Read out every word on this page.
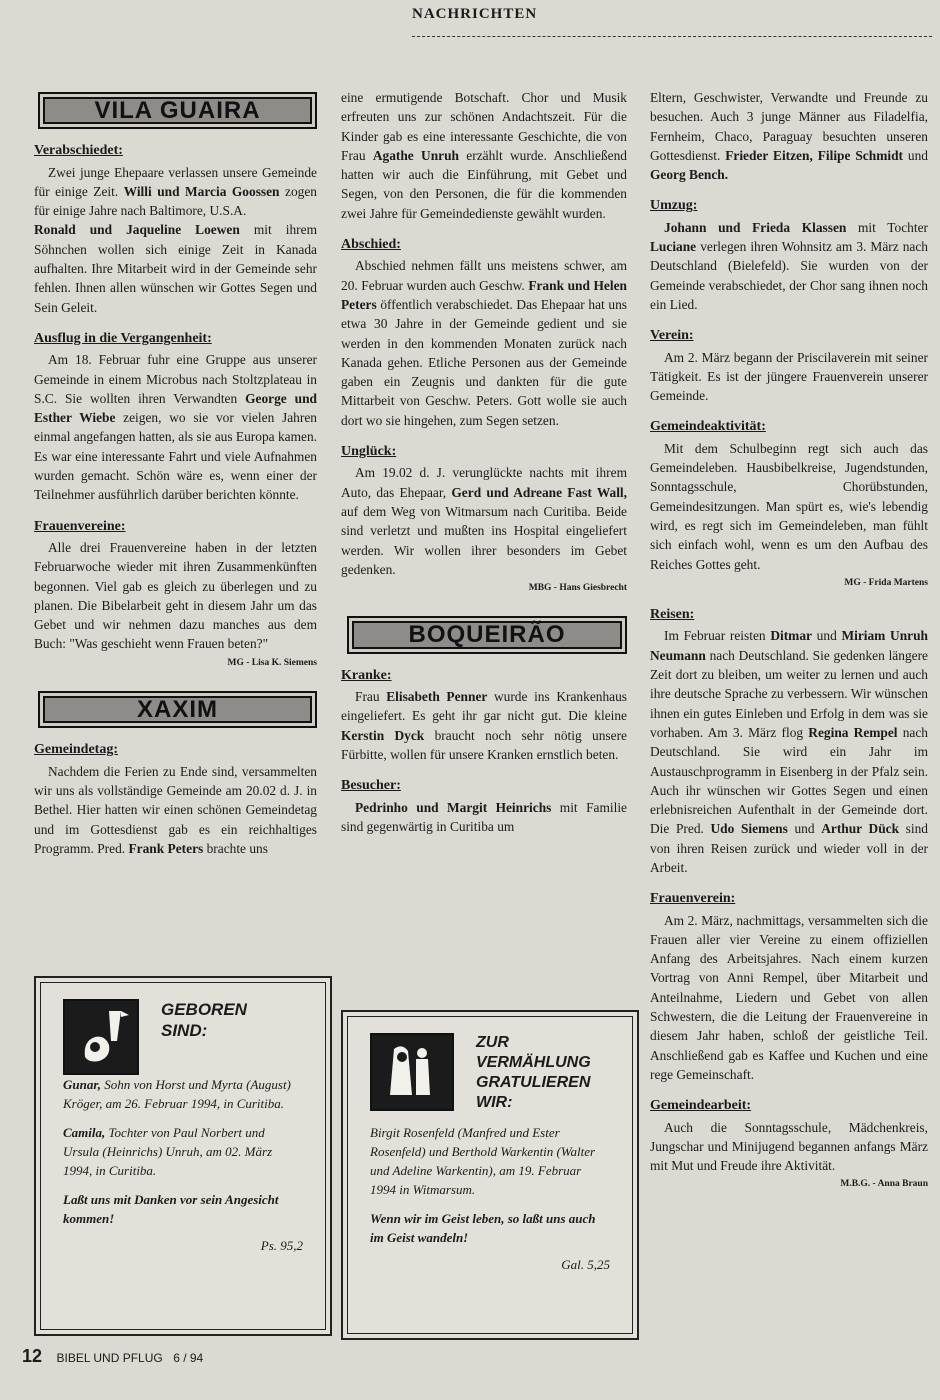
NACHRICHTEN
VILA GUAIRA
Verabschiedet:

Zwei junge Ehepaare verlassen unsere Gemeinde für einige Zeit. Willi und Marcia Goossen zogen für einige Jahre nach Baltimore, U.S.A.

Ronald und Jaqueline Loewen mit ihrem Söhnchen wollen sich einige Zeit in Kanada aufhalten. Ihre Mitarbeit wird in der Gemeinde sehr fehlen. Ihnen allen wünschen wir Gottes Segen und Sein Geleit.

Ausflug in die Vergangenheit:

Am 18. Februar fuhr eine Gruppe aus unserer Gemeinde in einem Microbus nach Stoltzplateau in S.C. Sie wollten ihren Verwandten George und Esther Wiebe zeigen, wo sie vor vielen Jahren einmal angefangen hatten, als sie aus Europa kamen. Es war eine interessante Fahrt und viele Aufnahmen wurden gemacht. Schön wäre es, wenn einer der Teilnehmer ausführlich darüber berichten könnte.

Frauenvereine:

Alle drei Frauenvereine haben in der letzten Februarwoche wieder mit ihren Zusammenkünften begonnen. Viel gab es gleich zu überlegen und zu planen. Die Bibelarbeit geht in diesem Jahr um das Gebet und wir nehmen dazu manches aus dem Buch: "Was geschieht wenn Frauen beten?"

MG - Lisa K. Siemens

XAXIM
Gemeindetag:

Nachdem die Ferien zu Ende sind, versammelten wir uns als vollständige Gemeinde am 20.02 d. J. in Bethel. Hier hatten wir einen schönen Gemeindetag und im Gottesdienst gab es ein reichhaltiges Programm. Pred. Frank Peters brachte uns

eine ermutigende Botschaft. Chor und Musik erfreuten uns zur schönen Andachtszeit. Für die Kinder gab es eine interessante Geschichte, die von Frau Agathe Unruh erzählt wurde. Anschließend hatten wir auch die Einführung, mit Gebet und Segen, von den Personen, die für die kommenden zwei Jahre für Gemeindedienste gewählt wurden.

Abschied:

Abschied nehmen fällt uns meistens schwer, am 20. Februar wurden auch Geschw. Frank und Helen Peters öffentlich verabschiedet. Das Ehepaar hat uns etwa 30 Jahre in der Gemeinde gedient und sie werden in den kommenden Monaten zurück nach Kanada gehen. Etliche Personen aus der Gemeinde gaben ein Zeugnis und dankten für die gute Mittarbeit von Geschw. Peters. Gott wolle sie auch dort wo sie hingehen, zum Segen setzen.

Unglück:

Am 19.02 d. J. verunglückte nachts mit ihrem Auto, das Ehepaar, Gerd und Adreane Fast Wall, auf dem Weg von Witmarsum nach Curitiba. Beide sind verletzt und mußten ins Hospital eingeliefert werden. Wir wollen ihrer besonders im Gebet gedenken.

MBG - Hans Giesbrecht

BOQUEIRÃO
Kranke:

Frau Elisabeth Penner wurde ins Krankenhaus eingeliefert. Es geht ihr gar nicht gut. Die kleine Kerstin Dyck braucht noch sehr nötig unsere Fürbitte, wollen für unsere Kranken ernstlich beten.

Besucher:

Pedrinho und Margit Heinrichs mit Familie sind gegenwärtig in Curitiba um

Eltern, Geschwister, Verwandte und Freunde zu besuchen. Auch 3 junge Männer aus Filadelfia, Fernheim, Chaco, Paraguay besuchten unseren Gottesdienst. Frieder Eitzen, Filipe Schmidt und Georg Bench.

Umzug:

Johann und Frieda Klassen mit Tochter Luciane verlegen ihren Wohnsitz am 3. März nach Deutschland (Bielefeld). Sie wurden von der Gemeinde verabschiedet, der Chor sang ihnen noch ein Lied.

Verein:

Am 2. März begann der Priscilaverein mit seiner Tätigkeit. Es ist der jüngere Frauenverein unserer Gemeinde.

Gemeindeaktivität:

Mit dem Schulbeginn regt sich auch das Gemeindeleben. Hausbibelkreise, Jugendstunden, Sonntagsschule, Chorübstunden, Gemeindesitzungen. Man spürt es, wie's lebendig wird, es regt sich im Gemeindeleben, man fühlt sich einfach wohl, wenn es um den Aufbau des Reiches Gottes geht.

MG - Frida Martens

Reisen:

Im Februar reisten Ditmar und Miriam Unruh Neumann nach Deutschland. Sie gedenken längere Zeit dort zu bleiben, um weiter zu lernen und auch ihre deutsche Sprache zu verbessern. Wir wünschen ihnen ein gutes Einleben und Erfolg in dem was sie vorhaben. Am 3. März flog Regina Rempel nach Deutschland. Sie wird ein Jahr im Austauschprogramm in Eisenberg in der Pfalz sein. Auch ihr wünschen wir Gottes Segen und einen erlebnisreichen Aufenthalt in der Gemeinde dort. Die Pred. Udo Siemens und Arthur Dück sind von ihren Reisen zurück und wieder voll in der Arbeit.

Frauenverein:

Am 2. März, nachmittags, versammelten sich die Frauen aller vier Vereine zu einem offiziellen Anfang des Arbeitsjahres. Nach einem kurzen Vortrag von Anni Rempel, über Mitarbeit und Anteilnahme, Liedern und Gebet von allen Schwestern, die die Leitung der Frauenvereine in diesem Jahr haben, schloß der geistliche Teil. Anschließend gab es Kaffee und Kuchen und eine rege Gemeinschaft.

Gemeindearbeit:

Auch die Sonntagsschule, Mädchenkreis, Jungschar und Minijugend begannen anfangs März mit Mut und Freude ihre Aktivität.

M.B.G. - Anna Braun

GEBOREN
SIND:

Gunar, Sohn von Horst und Myrta (August) Kröger, am 26. Februar 1994, in Curitiba.

Camila, Tochter von Paul Norbert und Ursula (Heinrichs) Unruh, am 02. März 1994, in Curitiba.

Laßt uns mit Danken vor sein Angesicht kommen!

Ps. 95,2
ZUR
VERMÄHLUNG
GRATULIEREN
WIR:

Birgit Rosenfeld (Manfred und Ester Rosenfeld) und Berthold Warkentin (Walter und Adeline Warkentin), am 19. Februar 1994 in Witmarsum.

Wenn wir im Geist leben, so laßt uns auch im Geist wandeln!

Gal. 5,25
12 BIBEL UND PFLUG 6 / 94
